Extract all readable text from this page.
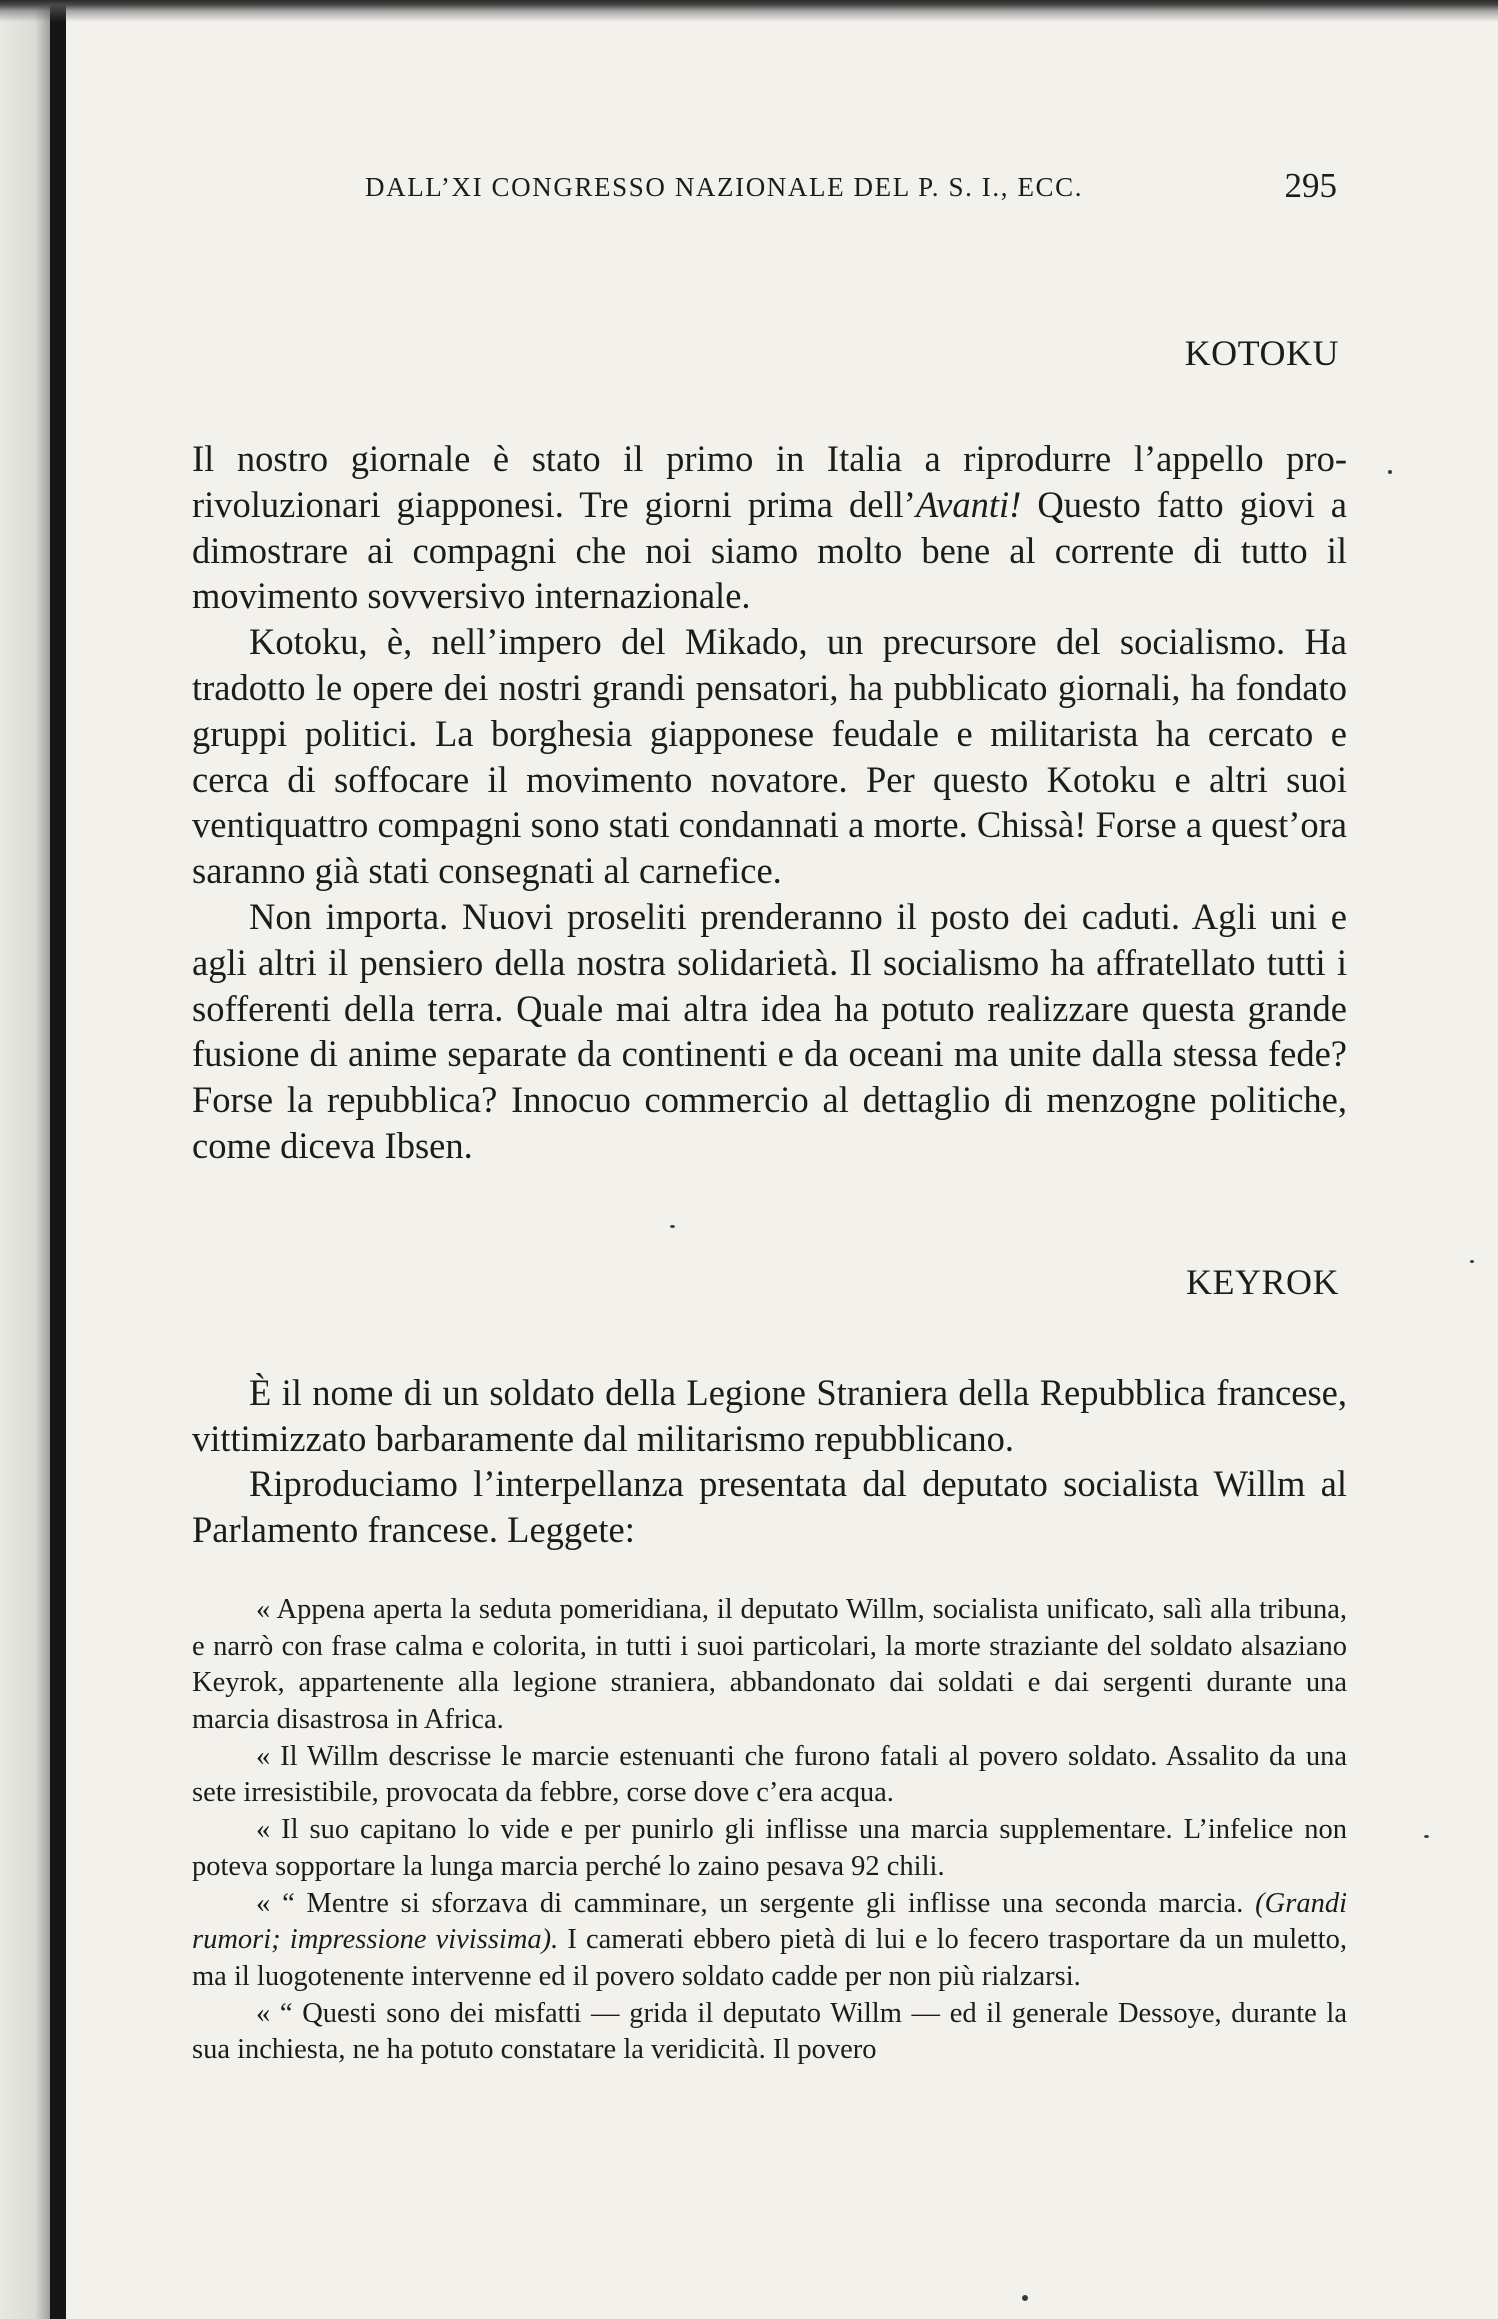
DALL’XI CONGRESSO NAZIONALE DEL P. S. I., ECC.	295
KOTOKU

Il nostro giornale è stato il primo in Italia a riprodurre l’appello prorivoluzionari giapponesi. Tre giorni prima dell’Avanti! Questo fatto giovi a dimostrare ai compagni che noi siamo molto bene al corrente di tutto il movimento sovversivo internazionale.

Kotoku, è, nell’impero del Mikado, un precursore del socialismo. Ha tradotto le opere dei nostri grandi pensatori, ha pubblicato giornali, ha fondato gruppi politici. La borghesia giapponese feudale e militarista ha cercato e cerca di soffocare il movimento novatore. Per questo Kotoku e altri suoi ventiquattro compagni sono stati condannati a morte. Chissà! Forse a quest’ora saranno già stati consegnati al carnefice.

Non importa. Nuovi proseliti prenderanno il posto dei caduti. Agli uni e agli altri il pensiero della nostra solidarietà. Il socialismo ha affratellato tutti i sofferenti della terra. Quale mai altra idea ha potuto realizzare questa grande fusione di anime separate da continenti e da oceani ma unite dalla stessa fede? Forse la repubblica? Innocuo commercio al dettaglio di menzogne politiche, come diceva Ibsen.

KEYROK

È il nome di un soldato della Legione Straniera della Repubblica francese, vittimizzato barbaramente dal militarismo repubblicano.

Riproduciamo l’interpellanza presentata dal deputato socialista Willm al Parlamento francese. Leggete:

« Appena aperta la seduta pomeridiana, il deputato Willm, socialista unificato, salì alla tribuna, e narrò con frase calma e colorita, in tutti i suoi particolari, la morte straziante del soldato alsaziano Keyrok, appartenente alla legione straniera, abbandonato dai soldati e dai sergenti durante una marcia disastrosa in Africa.

« Il Willm descrisse le marcie estenuanti che furono fatali al povero soldato. Assalito da una sete irresistibile, provocata da febbre, corse dove c’era acqua.

« Il suo capitano lo vide e per punirlo gli inflisse una marcia supplementare. L’infelice non poteva sopportare la lunga marcia perché lo zaino pesava 92 chili.

« “ Mentre si sforzava di camminare, un sergente gli inflisse una seconda marcia. (Grandi rumori; impressione vivissima). I camerati ebbero pietà di lui e lo fecero trasportare da un muletto, ma il luogotenente intervenne ed il povero soldato cadde per non più rialzarsi.

« “ Questi sono dei misfatti — grida il deputato Willm — ed il generale Dessoye, durante la sua inchiesta, ne ha potuto constatare la veridicità. Il povero
